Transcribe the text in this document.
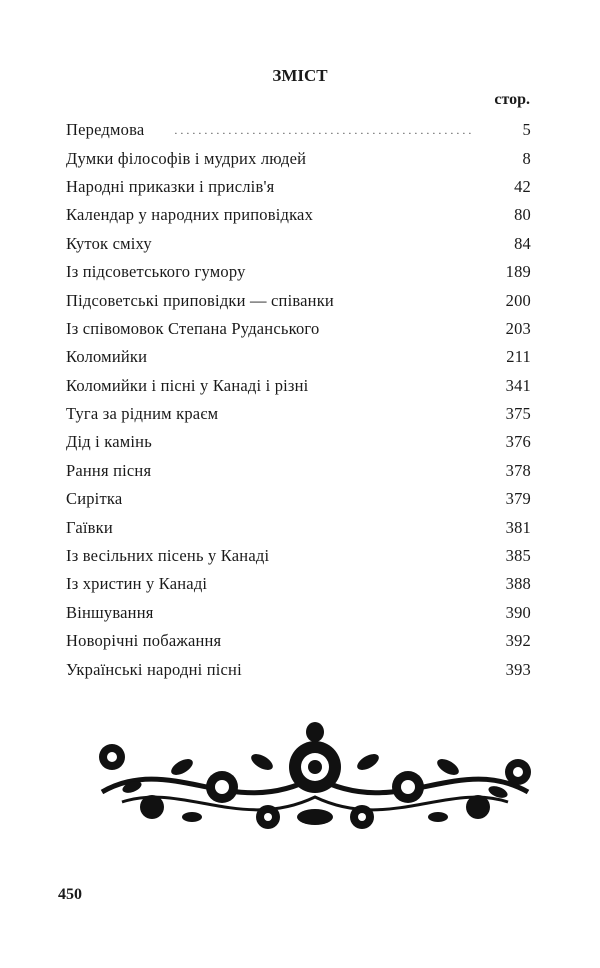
ЗМІСТ
стор.
Передмова	..................................................	5
Думки філософів і мудрих людей	8
Народні приказки і прислів'я	42
Календар у народних приповідках	80
Куток сміху	84
Із підсоветського гумору	189
Підсоветські приповідки — співанки	200
Із співомовок Степана Руданського	203
Коломийки	211
Коломийки і пісні у Канаді і різні	341
Туга за рідним краєм	375
Дід і камінь	376
Рання пісня	378
Сирітка	379
Гаївки	381
Із весільних пісень у Канаді	385
Із христин у Канаді	388
Віншування	390
Новорічні побажання	392
Українські народні пісні	393
450
